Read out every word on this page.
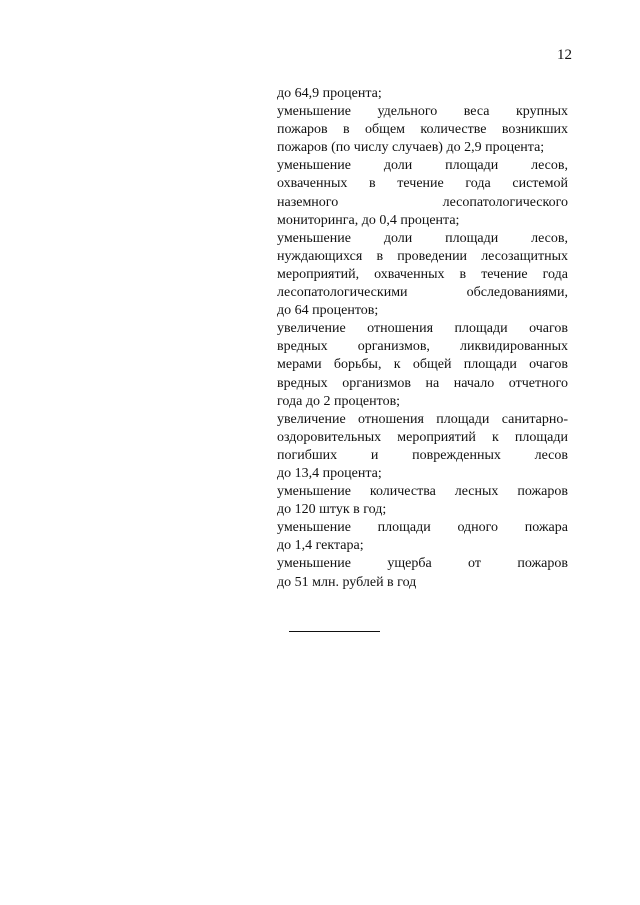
12
до 64,9 процента;
уменьшение удельного веса крупных
пожаров в общем количестве возникших
пожаров (по числу случаев) до 2,9 процента;
уменьшение доли площади лесов,
охваченных в течение года системой
наземного лесопатологического
мониторинга, до 0,4 процента;
уменьшение доли площади лесов,
нуждающихся в проведении лесозащитных
мероприятий, охваченных в течение года
лесопатологическими обследованиями,
до 64 процентов;
увеличение отношения площади очагов
вредных организмов, ликвидированных
мерами борьбы, к общей площади очагов
вредных организмов на начало отчетного
года до 2 процентов;
увеличение отношения площади санитарно-
оздоровительных мероприятий к площади
погибших и поврежденных лесов
до 13,4 процента;
уменьшение количества лесных пожаров
до 120 штук в год;
уменьшение площади одного пожара
до 1,4 гектара;
уменьшение ущерба от пожаров
до 51 млн. рублей в год
